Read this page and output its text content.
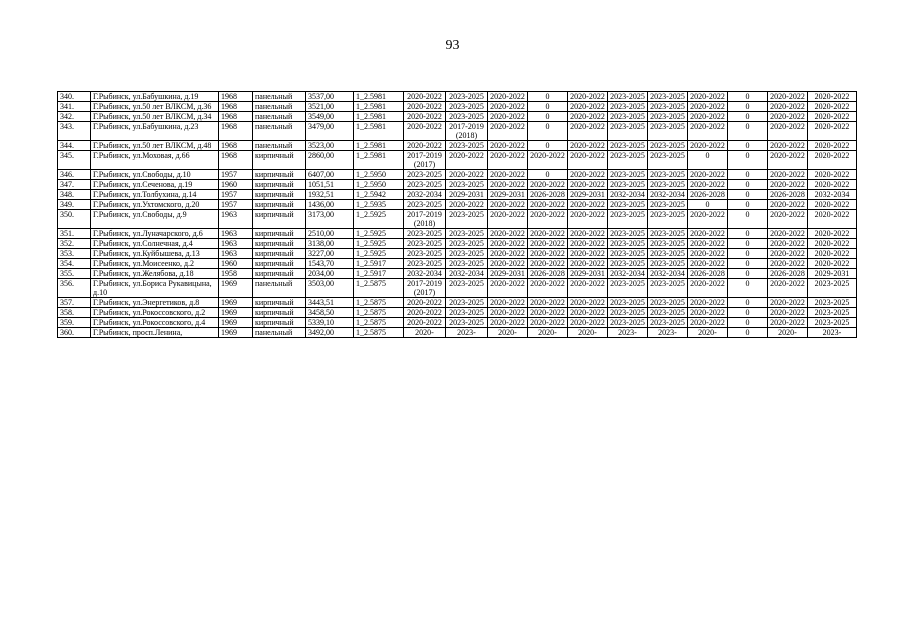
93
340.	Г.Рыбинск, ул.Бабушкина, д.19	1968	панельный	3537,00	1_2.5981	2020-2022	2023-2025	2020-2022	0	2020-2022	2023-2025	2023-2025	2020-2022	0	2020-2022	2020-2022
341.	Г.Рыбинск, ул.50 лет ВЛКСМ, д.36	1968	панельный	3521,00	1_2.5981	2020-2022	2023-2025	2020-2022	0	2020-2022	2023-2025	2023-2025	2020-2022	0	2020-2022	2020-2022
342.	Г.Рыбинск, ул.50 лет ВЛКСМ, д.34	1968	панельный	3549,00	1_2.5981	2020-2022	2023-2025	2020-2022	0	2020-2022	2023-2025	2023-2025	2020-2022	0	2020-2022	2020-2022
343.	Г.Рыбинск, ул.Бабушкина, д.23	1968	панельный	3479,00	1_2.5981	2020-2022	2017-2019 (2018)	2020-2022	0	2020-2022	2023-2025	2023-2025	2020-2022	0	2020-2022	2020-2022
344.	Г.Рыбинск, ул.50 лет ВЛКСМ, д.48	1968	панельный	3523,00	1_2.5981	2020-2022	2023-2025	2020-2022	0	2020-2022	2023-2025	2023-2025	2020-2022	0	2020-2022	2020-2022
345.	Г.Рыбинск, ул.Моховая, д.66	1968	кирпичный	2860,00	1_2.5981	2017-2019 (2017)	2020-2022	2020-2022	2020-2022	2020-2022	2023-2025	2023-2025	0	0	2020-2022	2020-2022
346.	Г.Рыбинск, ул.Свободы, д.10	1957	кирпичный	6407,00	1_2.5950	2023-2025	2020-2022	2020-2022	0	2020-2022	2023-2025	2023-2025	2020-2022	0	2020-2022	2020-2022
347.	Г.Рыбинск, ул.Сеченова, д.19	1960	кирпичный	1051,51	1_2.5950	2023-2025	2023-2025	2020-2022	2020-2022	2020-2022	2023-2025	2023-2025	2020-2022	0	2020-2022	2020-2022
348.	Г.Рыбинск, ул.Толбухина, д.14	1957	кирпичный	1932,51	1_2.5942	2032-2034	2029-2031	2029-2031	2026-2028	2029-2031	2032-2034	2032-2034	2026-2028	0	2026-2028	2032-2034
349.	Г.Рыбинск, ул.Ухтомского, д.20	1957	кирпичный	1436,00	1_2.5935	2023-2025	2020-2022	2020-2022	2020-2022	2020-2022	2023-2025	2023-2025	0	0	2020-2022	2020-2022
350.	Г.Рыбинск, ул.Свободы, д.9	1963	кирпичный	3173,00	1_2.5925	2017-2019 (2018)	2023-2025	2020-2022	2020-2022	2020-2022	2023-2025	2023-2025	2020-2022	0	2020-2022	2020-2022
351.	Г.Рыбинск, ул.Луначарского, д.6	1963	кирпичный	2510,00	1_2.5925	2023-2025	2023-2025	2020-2022	2020-2022	2020-2022	2023-2025	2023-2025	2020-2022	0	2020-2022	2020-2022
352.	Г.Рыбинск, ул.Солнечная, д.4	1963	кирпичный	3138,00	1_2.5925	2023-2025	2023-2025	2020-2022	2020-2022	2020-2022	2023-2025	2023-2025	2020-2022	0	2020-2022	2020-2022
353.	Г.Рыбинск, ул.Куйбышева, д.13	1963	кирпичный	3227,00	1_2.5925	2023-2025	2023-2025	2020-2022	2020-2022	2020-2022	2023-2025	2023-2025	2020-2022	0	2020-2022	2020-2022
354.	Г.Рыбинск, ул.Моисеенко, д.2	1960	кирпичный	1543,70	1_2.5917	2023-2025	2023-2025	2020-2022	2020-2022	2020-2022	2023-2025	2023-2025	2020-2022	0	2020-2022	2020-2022
355.	Г.Рыбинск, ул.Желябова, д.18	1958	кирпичный	2034,00	1_2.5917	2032-2034	2032-2034	2029-2031	2026-2028	2029-2031	2032-2034	2032-2034	2026-2028	0	2026-2028	2029-2031
356.	Г.Рыбинск, ул.Бориса Рукавицына, д.10	1969	панельный	3503,00	1_2.5875	2017-2019 (2017)	2023-2025	2020-2022	2020-2022	2020-2022	2023-2025	2023-2025	2020-2022	0	2020-2022	2023-2025
357.	Г.Рыбинск, ул.Энергетиков, д.8	1969	кирпичный	3443,51	1_2.5875	2020-2022	2023-2025	2020-2022	2020-2022	2020-2022	2023-2025	2023-2025	2020-2022	0	2020-2022	2023-2025
358.	Г.Рыбинск, ул.Рокоссовского, д.2	1969	кирпичный	3458,50	1_2.5875	2020-2022	2023-2025	2020-2022	2020-2022	2020-2022	2023-2025	2023-2025	2020-2022	0	2020-2022	2023-2025
359.	Г.Рыбинск, ул.Рокоссовского, д.4	1969	кирпичный	5339,10	1_2.5875	2020-2022	2023-2025	2020-2022	2020-2022	2020-2022	2023-2025	2023-2025	2020-2022	0	2020-2022	2023-2025
360.	Г.Рыбинск, просп.Ленина,	1969	панельный	3492,00	1_2.5875	2020-	2023-	2020-	2020-	2020-	2023-	2023-	2020-	0	2020-	2023-
